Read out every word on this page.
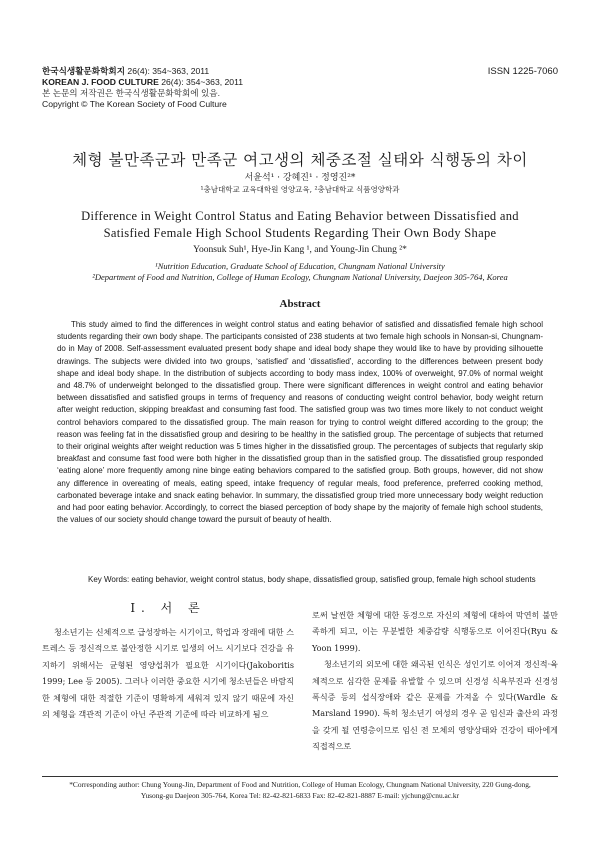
한국식생활문화학회지 26(4): 354~363, 2011
KOREAN J. FOOD CULTURE 26(4): 354~363, 2011
본 논문의 저작권은 한국식생활문화학회에 있음.
Copyright © The Korean Society of Food Culture
ISSN 1225-7060
체형 불만족군과 만족군 여고생의 체중조절 실태와 식행동의 차이
서윤석¹ · 강혜진¹ · 정영진²*
¹충남대학교 교육대학원 영양교육, ²충남대학교 식품영양학과
Difference in Weight Control Status and Eating Behavior between Dissatisfied and
Satisfied Female High School Students Regarding Their Own Body Shape
Yoonsuk Suh¹, Hye-Jin Kang ¹, and Young-Jin Chung ²*
¹Nutrition Education, Graduate School of Education, Chungnam National University
²Department of Food and Nutrition, College of Human Ecology, Chungnam National University, Daejeon 305-764, Korea
Abstract
This study aimed to find the differences in weight control status and eating behavior of satisfied and dissatisfied female high school students regarding their own body shape. The participants consisted of 238 students at two female high schools in Nonsan-si, Chungnam-do in May of 2008. Self-assessment evaluated present body shape and ideal body shape they would like to have by providing silhouette drawings. The subjects were divided into two groups, ‘satisfied’ and ‘dissatisfied’, according to the differences between present body shape and ideal body shape. In the distribution of subjects according to body mass index, 100% of overweight, 97.0% of normal weight and 48.7% of underweight belonged to the dissatisfied group. There were significant differences in weight control and eating behavior between dissatisfied and satisfied groups in terms of frequency and reasons of conducting weight control behavior, body weight return after weight reduction, skipping breakfast and consuming fast food. The satisfied group was two times more likely to not conduct weight control behaviors compared to the dissatisfied group. The main reason for trying to control weight differed according to the group; the reason was feeling fat in the dissatisfied group and desiring to be healthy in the satisfied group. The percentage of subjects that returned to their original weights after weight reduction was 5 times higher in the dissatisfied group. The percentages of subjects that regularly skip breakfast and consume fast food were both higher in the dissatisfied group than in the satisfied group. The dissatisfied group responded ‘eating alone’ more frequently among nine binge eating behaviors compared to the satisfied group. Both groups, however, did not show any difference in overeating of meals, eating speed, intake frequency of regular meals, food preference, preferred cooking method, carbonated beverage intake and snack eating behavior. In summary, the dissatisfied group tried more unnecessary body weight reduction and had poor eating behavior. Accordingly, to correct the biased perception of body shape by the majority of female high school students, the values of our society should change toward the pursuit of beauty of health.
Key Words: eating behavior, weight control status, body shape, dissatisfied group, satisfied group, female high school students
Ⅰ. 서 론

청소년기는 신체적으로 급성장하는 시기이고, 학업과 장래에 대한 스트레스 등 정신적으로 불안정한 시기로 일생의 어느 시기보다 건강을 유지하기 위해서는 균형된 영양섭취가 필요한 시기이다(Jakoboritis 1999; Lee 등 2005). 그러나 이러한 중요한 시기에 청소년들은 바람직한 체형에 대한 적절한 기준이 명확하게 세워져 있지 않기 때문에 자신의 체형을 객관적 기준이 아닌 주관적 기준에 따라 비교하게 됨으

로써 날씬한 체형에 대한 동경으로 자신의 체형에 대하여 막연히 불만족하게 되고, 이는 무분별한 체중감량 식행동으로 이어진다(Ryu & Yoon 1999).

청소년기의 외모에 대한 왜곡된 인식은 성인기로 이어져 정신적·육체적으로 심각한 문제를 유발할 수 있으며 신경성 식욕부진과 신경성 폭식증 등의 섭식장애와 같은 문제를 가져올 수 있다(Wardle & Marsland 1990). 특히 청소년기 여성의 경우 곧 임신과 출산의 과정을 갖게 될 연령층이므로 임신 전 모체의 영양상태와 건강이 태아에게 직접적으로

*Corresponding author: Chung Young-Jin, Department of Food and Nutrition, College of Human Ecology, Chungnam National University, 220 Gung-dong,
Yusong-gu Daejeon 305-764, Korea Tel: 82-42-821-6833 Fax: 82-42-821-8887 E-mail: yjchung@cnu.ac.kr
